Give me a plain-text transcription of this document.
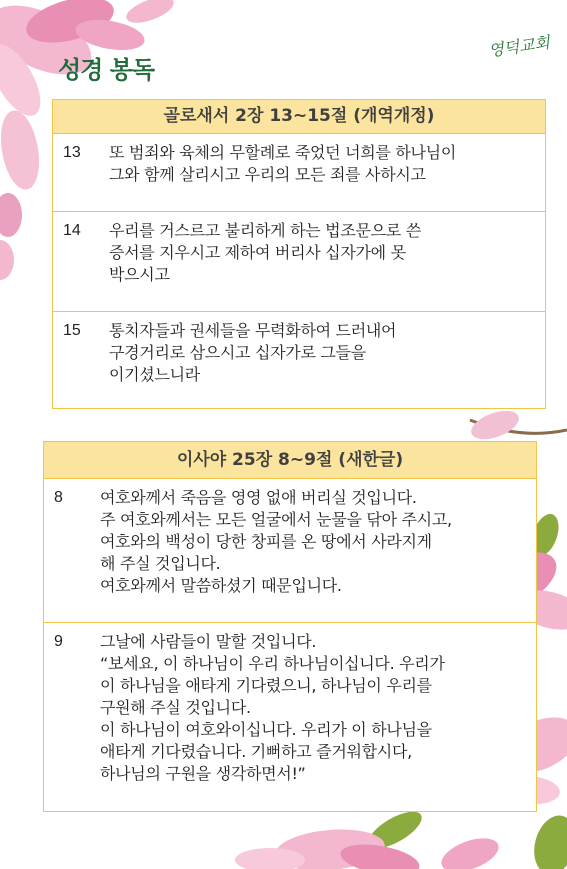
성경 봉독
영덕교회
골로새서 2장 13~15절 (개역개정)
13 또 범죄와 육체의 무할례로 죽었던 너희를 하나님이
그와 함께 살리시고 우리의 모든 죄를 사하시고
14 우리를 거스르고 불리하게 하는 법조문으로 쓴
증서를 지우시고 제하여 버리사 십자가에 못
박으시고
15 통치자들과 권세들을 무력화하여 드러내어
구경거리로 삼으시고 십자가로 그들을
이기셨느니라
이사야 25장 8~9절 (새한글)
8 여호와께서 죽음을 영영 없애 버리실 것입니다.
주 여호와께서는 모든 얼굴에서 눈물을 닦아 주시고,
여호와의 백성이 당한 창피를 온 땅에서 사라지게
해 주실 것입니다.
여호와께서 말씀하셨기 때문입니다.
9 그날에 사람들이 말할 것입니다.
“보세요, 이 하나님이 우리 하나님이십니다. 우리가
이 하나님을 애타게 기다렸으니, 하나님이 우리를
구원해 주실 것입니다.
이 하나님이 여호와이십니다. 우리가 이 하나님을
애타게 기다렸습니다. 기뻐하고 즐거워합시다,
하나님의 구원을 생각하면서!”
